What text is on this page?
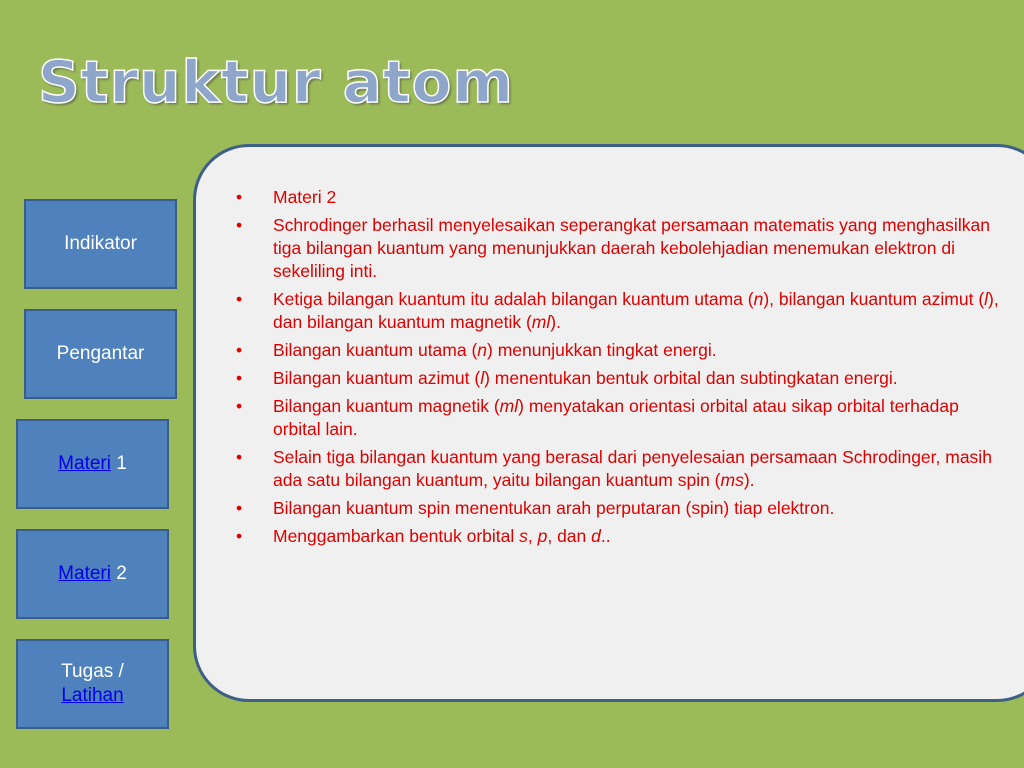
Struktur atom
Indikator
Pengantar
Materi 1
Materi 2
Tugas /
Latihan
• Materi 2
• Schrodinger berhasil menyelesaikan seperangkat persamaan matematis yang menghasilkan tiga bilangan kuantum yang menunjukkan daerah kebolehjadian menemukan elektron di       sekeliling inti.
• Ketiga bilangan kuantum itu adalah bilangan kuantum utama (n), bilangan kuantum azimut (l), dan bilangan kuantum magnetik (ml).
• Bilangan kuantum utama (n) menunjukkan tingkat energi.
• Bilangan kuantum azimut (l) menentukan bentuk orbital dan subtingkatan energi.
• Bilangan kuantum magnetik (ml) menyatakan orientasi orbital atau sikap orbital terhadap orbital lain.
• Selain tiga bilangan kuantum yang berasal dari penyelesaian persamaan Schrodinger, masih ada satu bilangan kuantum, yaitu bilangan kuantum spin (ms).
• Bilangan kuantum spin menentukan arah perputaran (spin) tiap elektron.
• Menggambarkan bentuk orbital s, p, dan d..
